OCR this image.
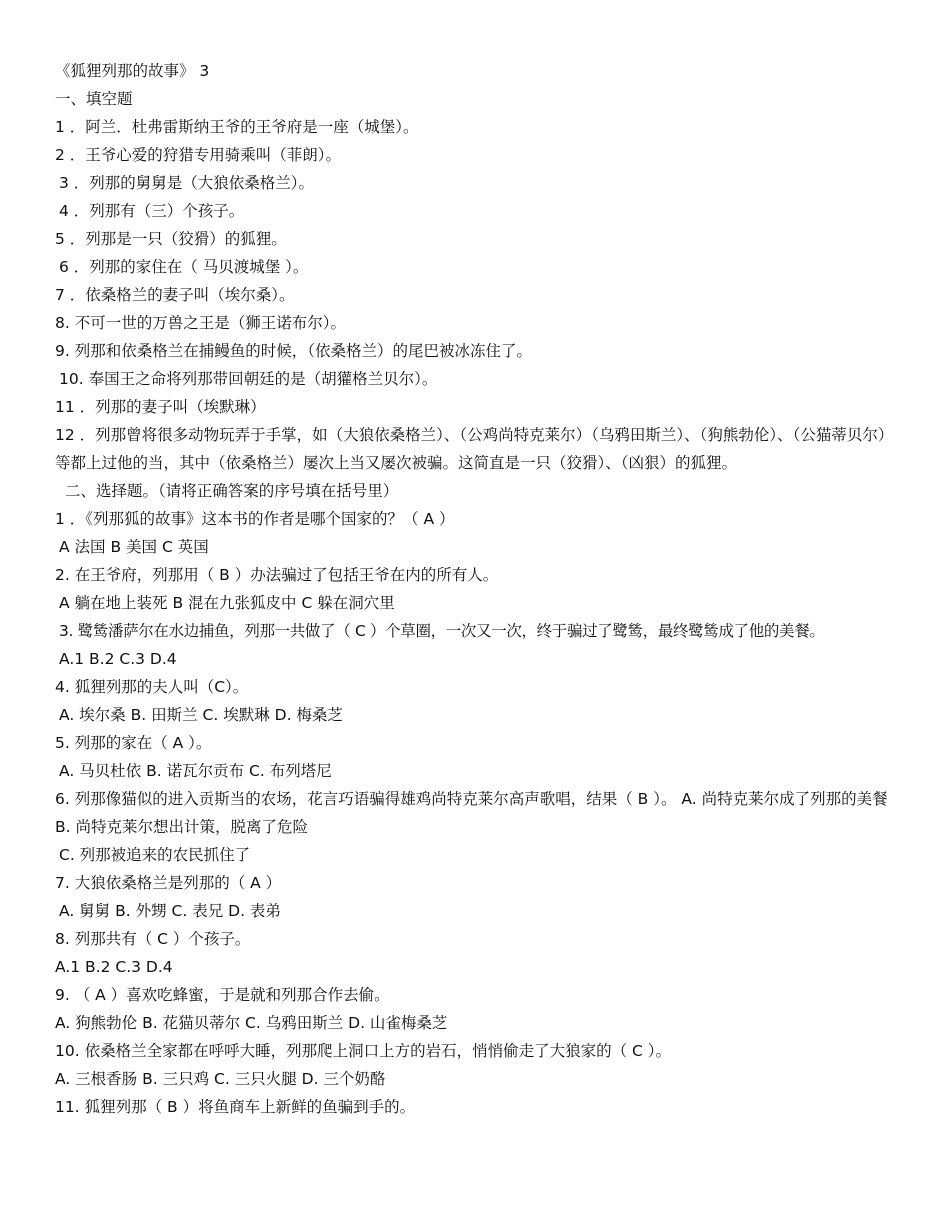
《狐狸列那的故事》 3
一、填空题
1 ．阿兰．杜弗雷斯纳王爷的王爷府是一座（城堡）。
2 ．王爷心爱的狩猎专用骑乘叫（菲朗）。
3 ．列那的舅舅是（大狼依桑格兰）。
4 ．列那有（三）个孩子。
5 ．列那是一只（狡猾）的狐狸。
6 ．列那的家住在（ 马贝渡城堡 ）。
7 ．依桑格兰的妻子叫（埃尔桑）。
8. 不可一世的万兽之王是（狮王诺布尔）。
9. 列那和依桑格兰在捕鳗鱼的时候，（依桑格兰）的尾巴被冰冻住了。
10. 奉国王之命将列那带回朝廷的是（胡獾格兰贝尔）。
11 ．列那的妻子叫（埃默琳）
12 ．列那曾将很多动物玩弄于手掌，如（大狼依桑格兰）、（公鸡尚特克莱尔）（乌鸦田斯兰）、（狗熊勃伦）、（公猫蒂贝尔）等都上过他的当，其中（依桑格兰）屡次上当又屡次被骗。这简直是一只（狡猾）、（凶狠）的狐狸。
二、选择题。（请将正确答案的序号填在括号里）
1 ．《列那狐的故事》这本书的作者是哪个国家的？（ A ）
A 法国 B 美国 C 英国
2. 在王爷府，列那用（ B ）办法骗过了包括王爷在内的所有人。
A 躺在地上装死 B 混在九张狐皮中 C 躲在洞穴里
3. 鹭鸶潘萨尔在水边捕鱼，列那一共做了（ C ）个草圈，一次又一次，终于骗过了鹭鸶，最终鹭鸶成了他的美餐。
A.1 B.2 C.3 D.4
4. 狐狸列那的夫人叫（C）。
A. 埃尔桑 B. 田斯兰 C. 埃默琳 D. 梅桑芝
5. 列那的家在（ A ）。
A. 马贝杜依 B. 诺瓦尔贡布 C. 布列塔尼
6. 列那像猫似的进入贡斯当的农场，花言巧语骗得雄鸡尚特克莱尔高声歌唱，结果（ B ）。 A. 尚特克莱尔成了列那的美餐 B. 尚特克莱尔想出计策，脱离了危险
C. 列那被追来的农民抓住了
7. 大狼依桑格兰是列那的（ A ）
A. 舅舅 B. 外甥 C. 表兄 D. 表弟
8. 列那共有（ C ）个孩子。
A.1 B.2 C.3 D.4
9. （ A ）喜欢吃蜂蜜，于是就和列那合作去偷。
A. 狗熊勃伦 B. 花猫贝蒂尔 C. 乌鸦田斯兰 D. 山雀梅桑芝
10. 依桑格兰全家都在呼呼大睡，列那爬上洞口上方的岩石，悄悄偷走了大狼家的（ C ）。
A. 三根香肠 B. 三只鸡 C. 三只火腿 D. 三个奶酪
11. 狐狸列那（ B ）将鱼商车上新鲜的鱼骗到手的。
